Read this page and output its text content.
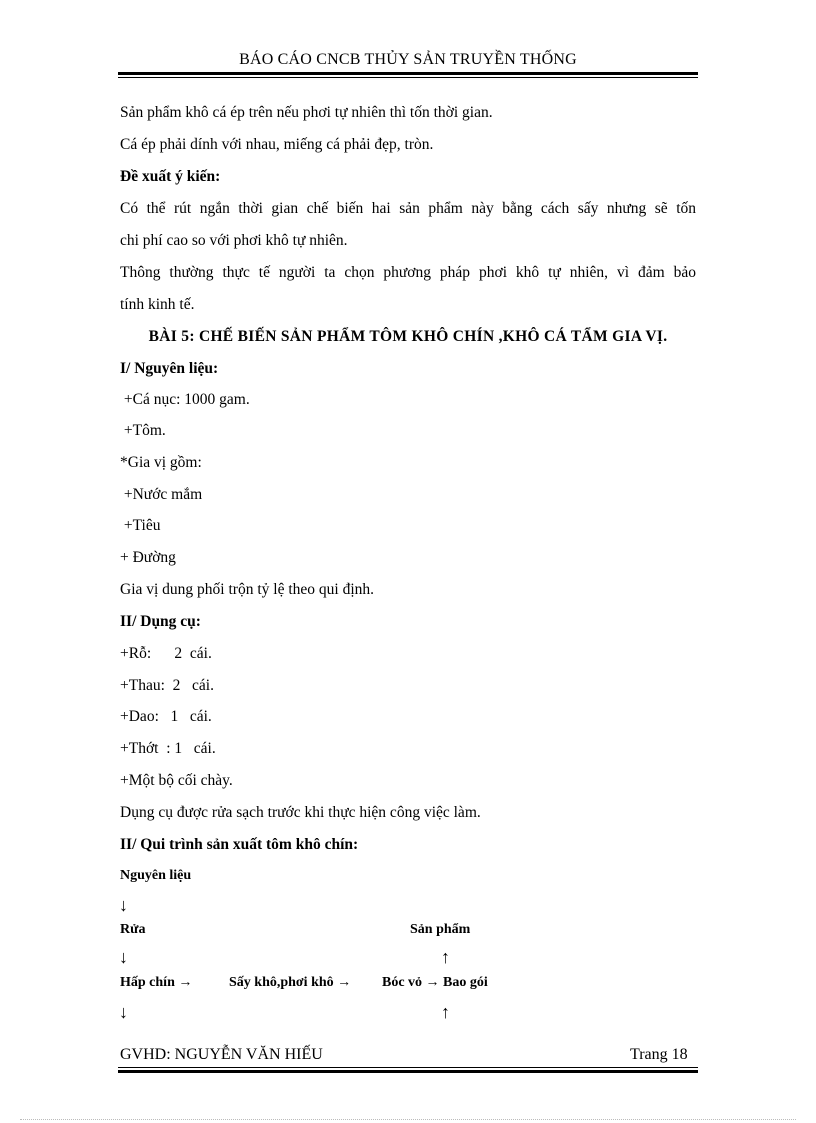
BÁO CÁO CNCB THỦY SẢN TRUYỀN THỐNG
Sản phẩm khô cá ép trên nếu phơi tự nhiên thì tốn thời gian.
Cá ép phải dính với nhau, miếng cá phải đẹp, tròn.
Đề xuất ý kiến:
Có thể rút ngắn thời gian chế biến hai sản phẩm này bằng cách sấy nhưng sẽ tốn
chi phí cao so với phơi khô tự nhiên.
Thông thường thực tế người ta chọn phương pháp phơi khô tự nhiên, vì đảm bảo
tính kinh tế.
BÀI 5: CHẾ BIẾN SẢN PHẨM TÔM KHÔ CHÍN ,KHÔ CÁ TẨM GIA VỊ.
I/ Nguyên liệu:
+Cá nục: 1000 gam.
+Tôm.
*Gia vị gồm:
+Nước mắm
+Tiêu
+ Đường
Gia vị dung phối trộn tỷ lệ theo qui định.
II/ Dụng cụ:
+Rỗ:      2  cái.
+Thau:  2   cái.
+Dao:   1   cái.
+Thớt  : 1   cái.
+Một bộ cối chày.
Dụng cụ được rửa sạch trước khi thực hiện công việc làm.
II/ Qui trình sản xuất tôm khô chín:
Nguyên liệu
↓
Rửa	Sản phẩm
↓	↑
Hấp chín →	Sấy khô,phơi khô → Bóc vỏ → Bao gói
↓	↑
GVHD: NGUYỄN VĂN HIẾU	Trang 18
